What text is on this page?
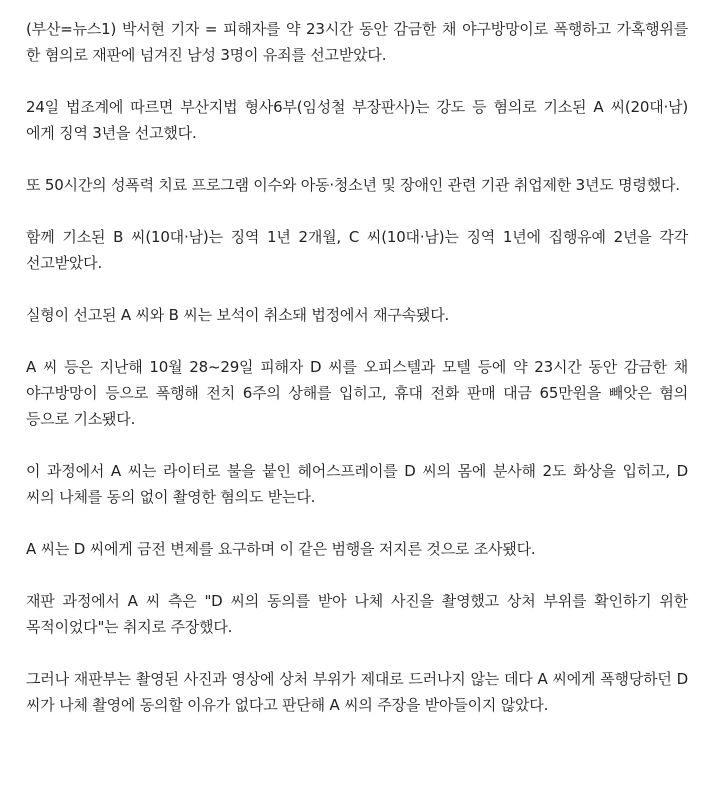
(부산=뉴스1) 박서현 기자 = 피해자를 약 23시간 동안 감금한 채 야구방망이로 폭행하고 가혹행위를 한 혐의로 재판에 넘겨진 남성 3명이 유죄를 선고받았다.

24일 법조계에 따르면 부산지법 형사6부(임성철 부장판사)는 강도 등 혐의로 기소된 A 씨(20대·남)에게 징역 3년을 선고했다.

또 50시간의 성폭력 치료 프로그램 이수와 아동·청소년 및 장애인 관련 기관 취업제한 3년도 명령했다.

함께 기소된 B 씨(10대·남)는 징역 1년 2개월, C 씨(10대·남)는 징역 1년에 집행유예 2년을 각각 선고받았다.

실형이 선고된 A 씨와 B 씨는 보석이 취소돼 법정에서 재구속됐다.

A 씨 등은 지난해 10월 28~29일 피해자 D 씨를 오피스텔과 모텔 등에 약 23시간 동안 감금한 채 야구방망이 등으로 폭행해 전치 6주의 상해를 입히고, 휴대 전화 판매 대금 65만원을 빼앗은 혐의 등으로 기소됐다.

이 과정에서 A 씨는 라이터로 불을 붙인 헤어스프레이를 D 씨의 몸에 분사해 2도 화상을 입히고, D 씨의 나체를 동의 없이 촬영한 혐의도 받는다.

A 씨는 D 씨에게 금전 변제를 요구하며 이 같은 범행을 저지른 것으로 조사됐다.

재판 과정에서 A 씨 측은 "D 씨의 동의를 받아 나체 사진을 촬영했고 상처 부위를 확인하기 위한 목적이었다"는 취지로 주장했다.

그러나 재판부는 촬영된 사진과 영상에 상처 부위가 제대로 드러나지 않는 데다 A 씨에게 폭행당하던 D 씨가 나체 촬영에 동의할 이유가 없다고 판단해 A 씨의 주장을 받아들이지 않았다.
